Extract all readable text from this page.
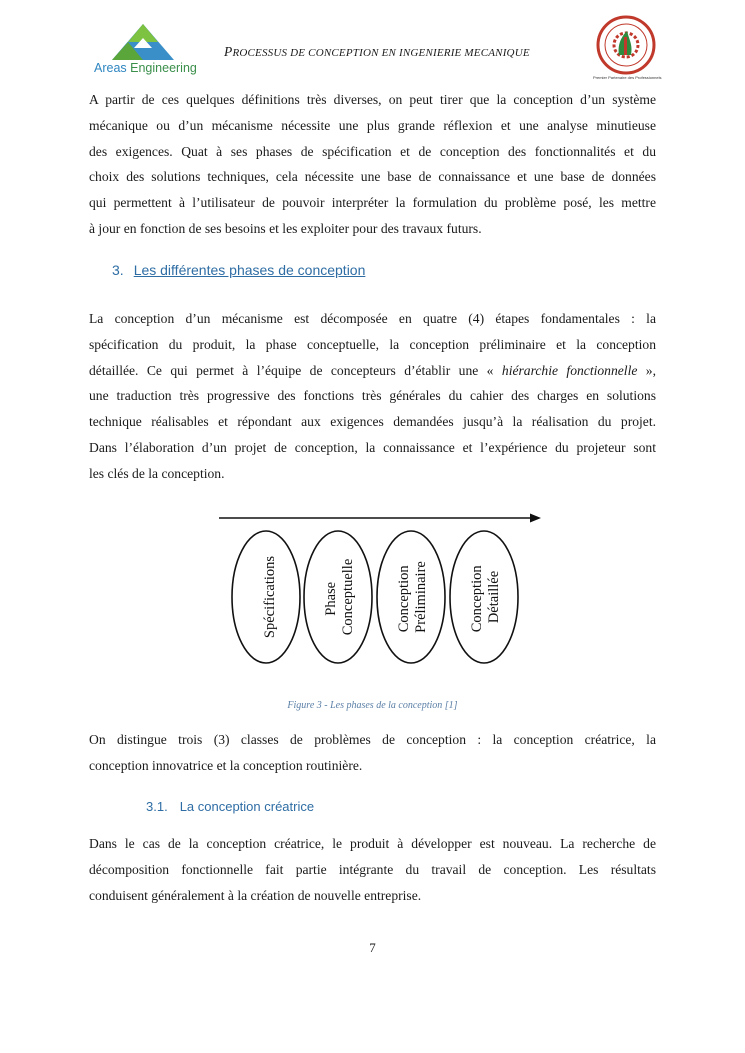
Areas Engineering
PROCESSUS DE CONCEPTION EN INGENIERIE MECANIQUE
Premier Partenaire des Professionnels

A partir de ces quelques définitions très diverses, on peut tirer que la conception d’un système
mécanique ou d’un mécanisme nécessite une plus grande réflexion et une analyse minutieuse
des exigences. Quat à ses phases de spécification et de conception des fonctionnalités et du
choix des solutions techniques, cela nécessite une base de connaissance et une base de données
qui permettent à l’utilisateur de pouvoir interpréter la formulation du problème posé, les mettre
à jour en fonction de ses besoins et les exploiter pour des travaux futurs.

3. Les différentes phases de conception

La conception d’un mécanisme est décomposée en quatre (4) étapes fondamentales : la
spécification du produit, la phase conceptuelle, la conception préliminaire et la conception
détaillée. Ce qui permet à l’équipe de concepteurs d’établir une « hiérarchie fonctionnelle »,
une traduction très progressive des fonctions très générales du cahier des charges en solutions
technique réalisables et répondant aux exigences demandées jusqu’à la réalisation du projet.
Dans l’élaboration d’un projet de conception, la connaissance et l’expérience du projeteur sont
les clés de la conception.

Spécifications	Phase Conceptuelle	Conception Préliminaire	Conception Détaillée
Figure 3 - Les phases de la conception [1]

On distingue trois (3) classes de problèmes de conception : la conception créatrice, la
conception innovatrice et la conception routinière.

3.1. La conception créatrice

Dans le cas de la conception créatrice, le produit à développer est nouveau. La recherche de
décomposition fonctionnelle fait partie intégrante du travail de conception. Les résultats
conduisent généralement à la création de nouvelle entreprise.

7
